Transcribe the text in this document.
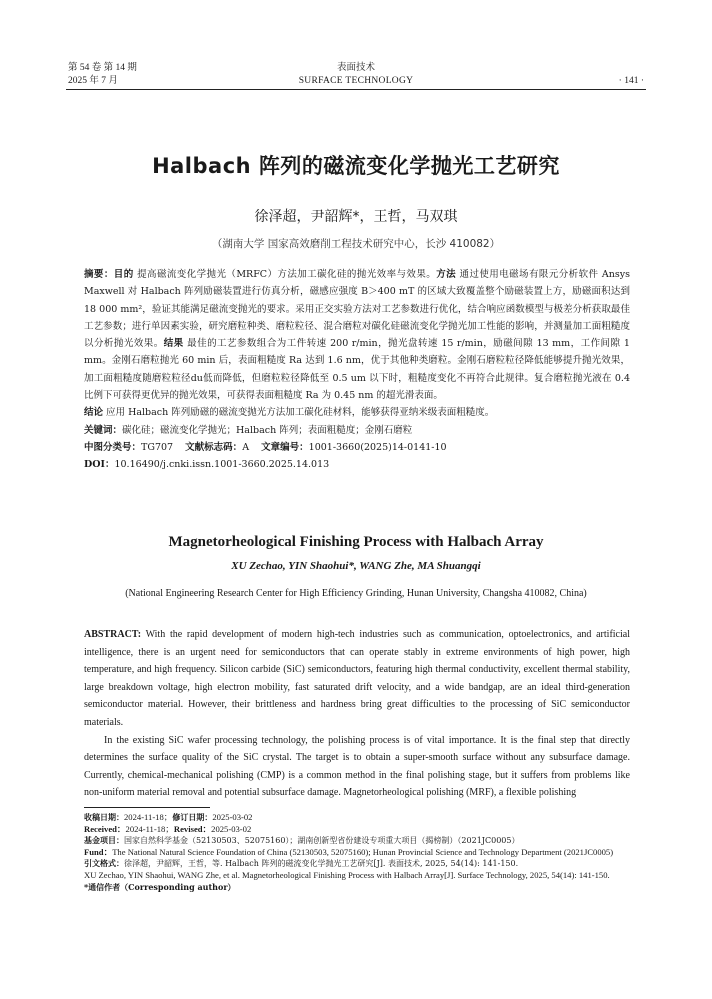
第 54 卷 第 14 期
2025 年 7 月
表面技术
SURFACE TECHNOLOGY	· 141 ·
Halbach 阵列的磁流变化学抛光工艺研究
徐泽超，尹韶辉*，王哲，马双琪
（湖南大学 国家高效磨削工程技术研究中心，长沙 410082）
摘要：目的 提高磁流变化学抛光（MRFC）方法加工碳化硅的抛光效率与效果。方法 通过使用电磁场有限元分析软件 Ansys Maxwell 对 Halbach 阵列励磁装置进行仿真分析，磁感应强度 B＞400 mT 的区域大致覆盖整个励磁装置上方，励磁面积达到 18 000 mm²，验证其能满足磁流变抛光的要求。采用正交实验方法对工艺参数进行优化，结合响应函数模型与极差分析获取最佳工艺参数；进行单因素实验，研究磨粒种类、磨粒粒径、混合磨粒对碳化硅磁流变化学抛光加工性能的影响，并测量加工面粗糙度以分析抛光效果。结果 最佳的工艺参数组合为工件转速 200 r/min，抛光盘转速 15 r/min，励磁间隙 13 mm，工作间隙 1 mm。金刚石磨粒抛光 60 min 后，表面粗糙度 Ra 达到 1.6 nm，优于其他种类磨粒。金刚石磨粒粒径降低能够提升抛光效果，加工面粗糙度随磨粒粒径du低而降低，但磨粒粒径降低至 0.5 um 以下时，粗糙度变化不再符合此规律。复合磨粒抛光液在 0.4 比例下可获得更优异的抛光效果，可获得表面粗糙度 Ra 为 0.45 nm 的超光滑表面。
结论 应用 Halbach 阵列励磁的磁流变抛光方法加工碳化硅材料，能够获得亚纳米级表面粗糙度。
关键词：碳化硅；磁流变化学抛光；Halbach 阵列；表面粗糙度；金刚石磨粒
中图分类号：TG707 文献标志码：A 文章编号：1001-3660(2025)14-0141-10
DOI：10.16490/j.cnki.issn.1001-3660.2025.14.013
Magnetorheological Finishing Process with Halbach Array
XU Zechao, YIN Shaohui*, WANG Zhe, MA Shuangqi
(National Engineering Research Center for High Efficiency Grinding, Hunan University, Changsha 410082, China)
ABSTRACT: With the rapid development of modern high-tech industries such as communication, optoelectronics, and artificial intelligence, there is an urgent need for semiconductors that can operate stably in extreme environments of high power, high temperature, and high frequency. Silicon carbide (SiC) semiconductors, featuring high thermal conductivity, excellent thermal stability, large breakdown voltage, high electron mobility, fast saturated drift velocity, and a wide bandgap, are an ideal third-generation semiconductor material. However, their brittleness and hardness bring great difficulties to the processing of SiC semiconductor materials.
In the existing SiC wafer processing technology, the polishing process is of vital importance. It is the final step that directly determines the surface quality of the SiC crystal. The target is to obtain a super-smooth surface without any subsurface damage. Currently, chemical-mechanical polishing (CMP) is a common method in the final polishing stage, but it suffers from problems like non-uniform material removal and potential subsurface damage. Magnetorheological polishing (MRF), a flexible polishing
收稿日期：2024-11-18；修订日期：2025-03-02
Received：2024-11-18；Revised：2025-03-02
基金项目：国家自然科学基金（52130503、52075160）；湖南创新型省份建设专项重大项目（揭榜制）（2021JC0005）
Fund：The National Natural Science Foundation of China (52130503, 52075160); Hunan Provincial Science and Technology Department (2021JC0005)
引文格式：徐泽超，尹韶辉，王哲，等. Halbach 阵列的磁流变化学抛光工艺研究[J]. 表面技术, 2025, 54(14): 141-150.
XU Zechao, YIN Shaohui, WANG Zhe, et al. Magnetorheological Finishing Process with Halbach Array[J]. Surface Technology, 2025, 54(14): 141-150.
*通信作者（Corresponding author）
